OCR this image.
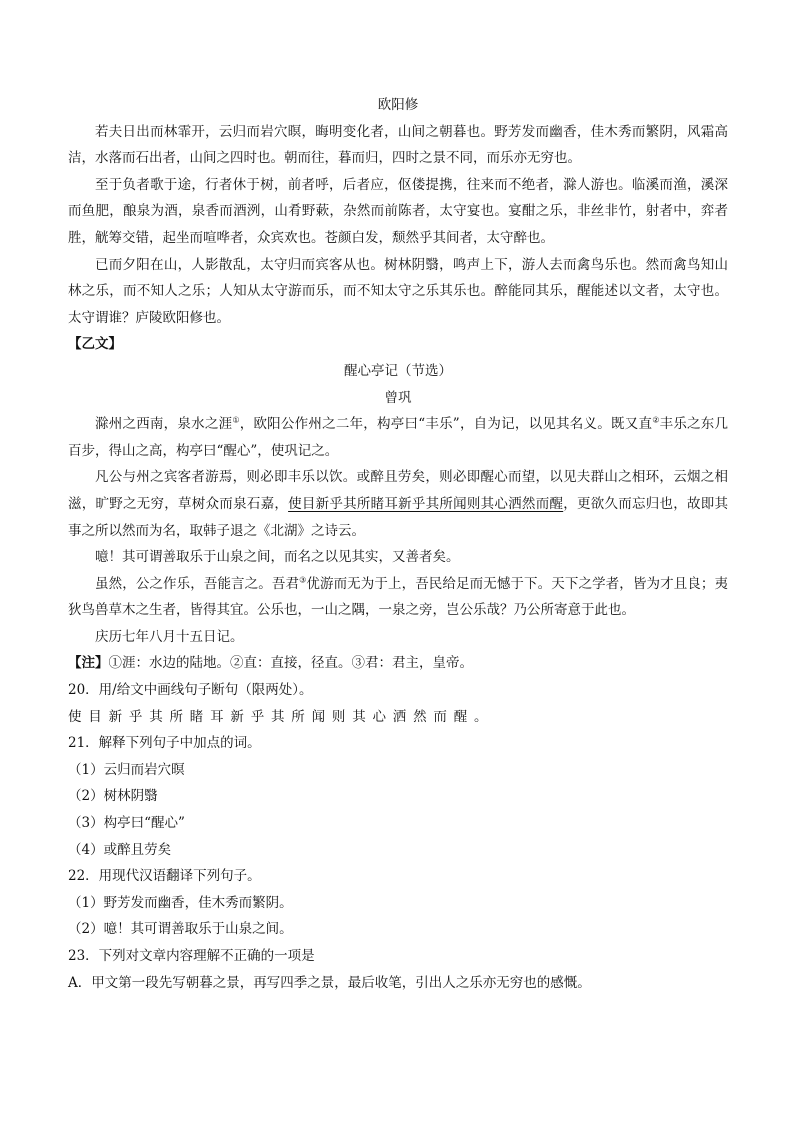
欧阳修

若夫日出而林霏开，云归而岩穴暝，晦明变化者，山间之朝暮也。野芳发而幽香，佳木秀而繁阴，风霜高洁，水落而石出者，山间之四时也。朝而往，暮而归，四时之景不同，而乐亦无穷也。

至于负者歌于途，行者休于树，前者呼，后者应，伛偻提携，往来而不绝者，滁人游也。临溪而渔，溪深而鱼肥，酿泉为酒，泉香而酒洌，山肴野蔌，杂然而前陈者，太守宴也。宴酣之乐，非丝非竹，射者中，弈者胜，觥筹交错，起坐而喧哗者，众宾欢也。苍颜白发，颓然乎其间者，太守醉也。

已而夕阳在山，人影散乱，太守归而宾客从也。树林阴翳，鸣声上下，游人去而禽鸟乐也。然而禽鸟知山林之乐，而不知人之乐；人知从太守游而乐，而不知太守之乐其乐也。醉能同其乐，醒能述以文者，太守也。太守谓谁？庐陵欧阳修也。

【乙文】
醒心亭记（节选）
曾巩

滁州之西南，泉水之涯①，欧阳公作州之二年，构亭曰“丰乐”，自为记，以见其名义。既又直②丰乐之东几百步，得山之高，构亭曰“醒心”，使巩记之。

凡公与州之宾客者游焉，则必即丰乐以饮。或醉且劳矣，则必即醒心而望，以见夫群山之相环，云烟之相滋，旷野之无穷，草树众而泉石嘉，使目新乎其所睹耳新乎其所闻则其心洒然而醒，更欲久而忘归也，故即其事之所以然而为名，取韩子退之《北湖》之诗云。

噫！其可谓善取乐于山泉之间，而名之以见其实，又善者矣。

虽然，公之作乐，吾能言之。吾君③优游而无为于上，吾民给足而无憾于下。天下之学者，皆为才且良；夷狄鸟兽草木之生者，皆得其宜。公乐也，一山之隅，一泉之旁，岂公乐哉？乃公所寄意于此也。

庆历七年八月十五日记。

【注】①涯：水边的陆地。②直：直接，径直。③君：君主，皇帝。
20．用/给文中画线句子断句（限两处）。
使目新乎其所睹耳新乎其所闻则其心洒然而醒。
21．解释下列句子中加点的词。
（1）云归而岩穴暝
（2）树林阴翳
（3）构亭曰“醒心”
（4）或醉且劳矣
22．用现代汉语翻译下列句子。
（1）野芳发而幽香，佳木秀而繁阴。
（2）噫！其可谓善取乐于山泉之间。
23．下列对文章内容理解不正确的一项是
A．甲文第一段先写朝暮之景，再写四季之景，最后收笔，引出人之乐亦无穷也的感慨。
